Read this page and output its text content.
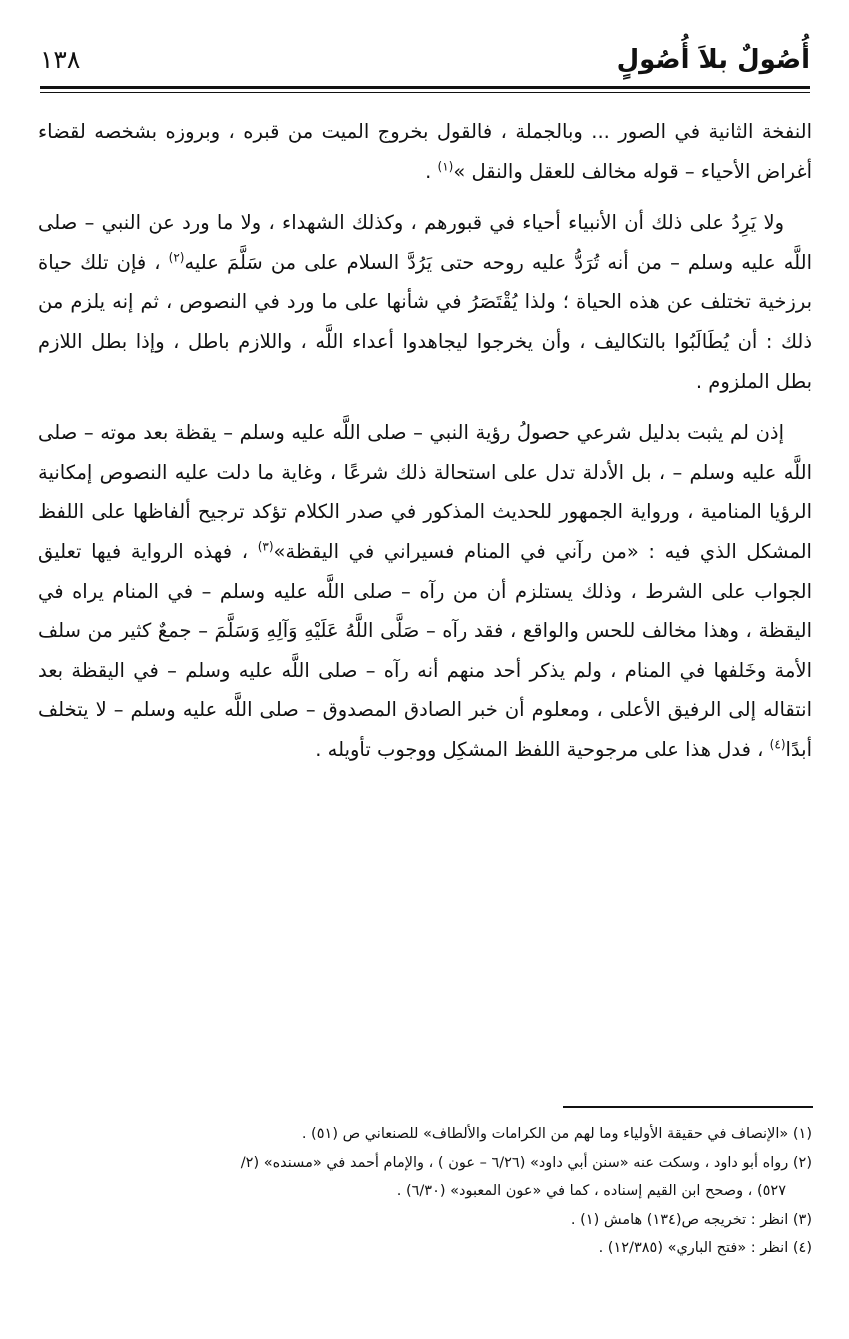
أُصُولٌ بلاَ أُصُولٍ
١٣٨

النفخة الثانية في الصور ... وبالجملة ، فالقول بخروج الميت من قبره ، وبروزه بشخصه لقضاء أغراض الأحياء – قوله مخالف للعقل والنقل »$^{(١)}$ .

ولا يَرِدُ على ذلك أن الأنبياء أحياء في قبورهم ، وكذلك الشهداء ، ولا ما ورد عن النبي – صلى اللَّه عليه وسلم – من أنه تُرَدُّ عليه روحه حتى يَرُدَّ السلام على من سَلَّمَ عليه$^{(٢)}$ ، فإن تلك حياة برزخية تختلف عن هذه الحياة ؛ ولذا يُقْتَصَرُ في شأنها على ما ورد في النصوص ، ثم إنه يلزم من ذلك : أن يُطَالَبُوا بالتكاليف ، وأن يخرجوا ليجاهدوا أعداء اللَّه ، واللازم باطل ، وإذا بطل اللازم بطل الملزوم .

إذن لم يثبت بدليل شرعي حصولُ رؤية النبي – صلى اللَّه عليه وسلم – يقظة بعد موته – صلى اللَّه عليه وسلم – ، بل الأدلة تدل على استحالة ذلك شرعًا ، وغاية ما دلت عليه النصوص إمكانية الرؤيا المنامية ، ورواية الجمهور للحديث المذكور في صدر الكلام تؤكد ترجيح ألفاظها على اللفظ المشكل الذي فيه : «من رآني في المنام فسيراني في اليقظة»$^{(٣)}$ ، فهذه الرواية فيها تعليق الجواب على الشرط ، وذلك يستلزم أن من رآه – صلى اللَّه عليه وسلم – في المنام يراه في اليقظة ، وهذا مخالف للحس والواقع ، فقد رآه – صَلَّى اللَّهُ عَلَيْهِ وَآلِهِ وَسَلَّمَ – جمعٌ كثير من سلف الأمة وخَلفها في المنام ، ولم يذكر أحد منهم أنه رآه – صلى اللَّه عليه وسلم – في اليقظة بعد انتقاله إلى الرفيق الأعلى ، ومعلوم أن خبر الصادق المصدوق – صلى اللَّه عليه وسلم – لا يتخلف أبدًا$^{(٤)}$ ، فدل هذا على مرجوحية اللفظ المشكِل ووجوب تأويله .

(١) «الإنصاف في حقيقة الأولياء وما لهم من الكرامات والألطاف» للصنعاني ص (٥١) .

(٢) رواه أبو داود ، وسكت عنه «سنن أبي داود» (٦/٢٦ – عون ) ، والإمام أحمد في «مسنده» (٢/

٥٢٧) ، وصحح ابن القيم إسناده ، كما في «عون المعبود» (٦/٣٠) .

(٣) انظر : تخريجه ص(١٣٤) هامش (١) .

(٤) انظر : «فتح الباري» (١٢/٣٨٥) .
